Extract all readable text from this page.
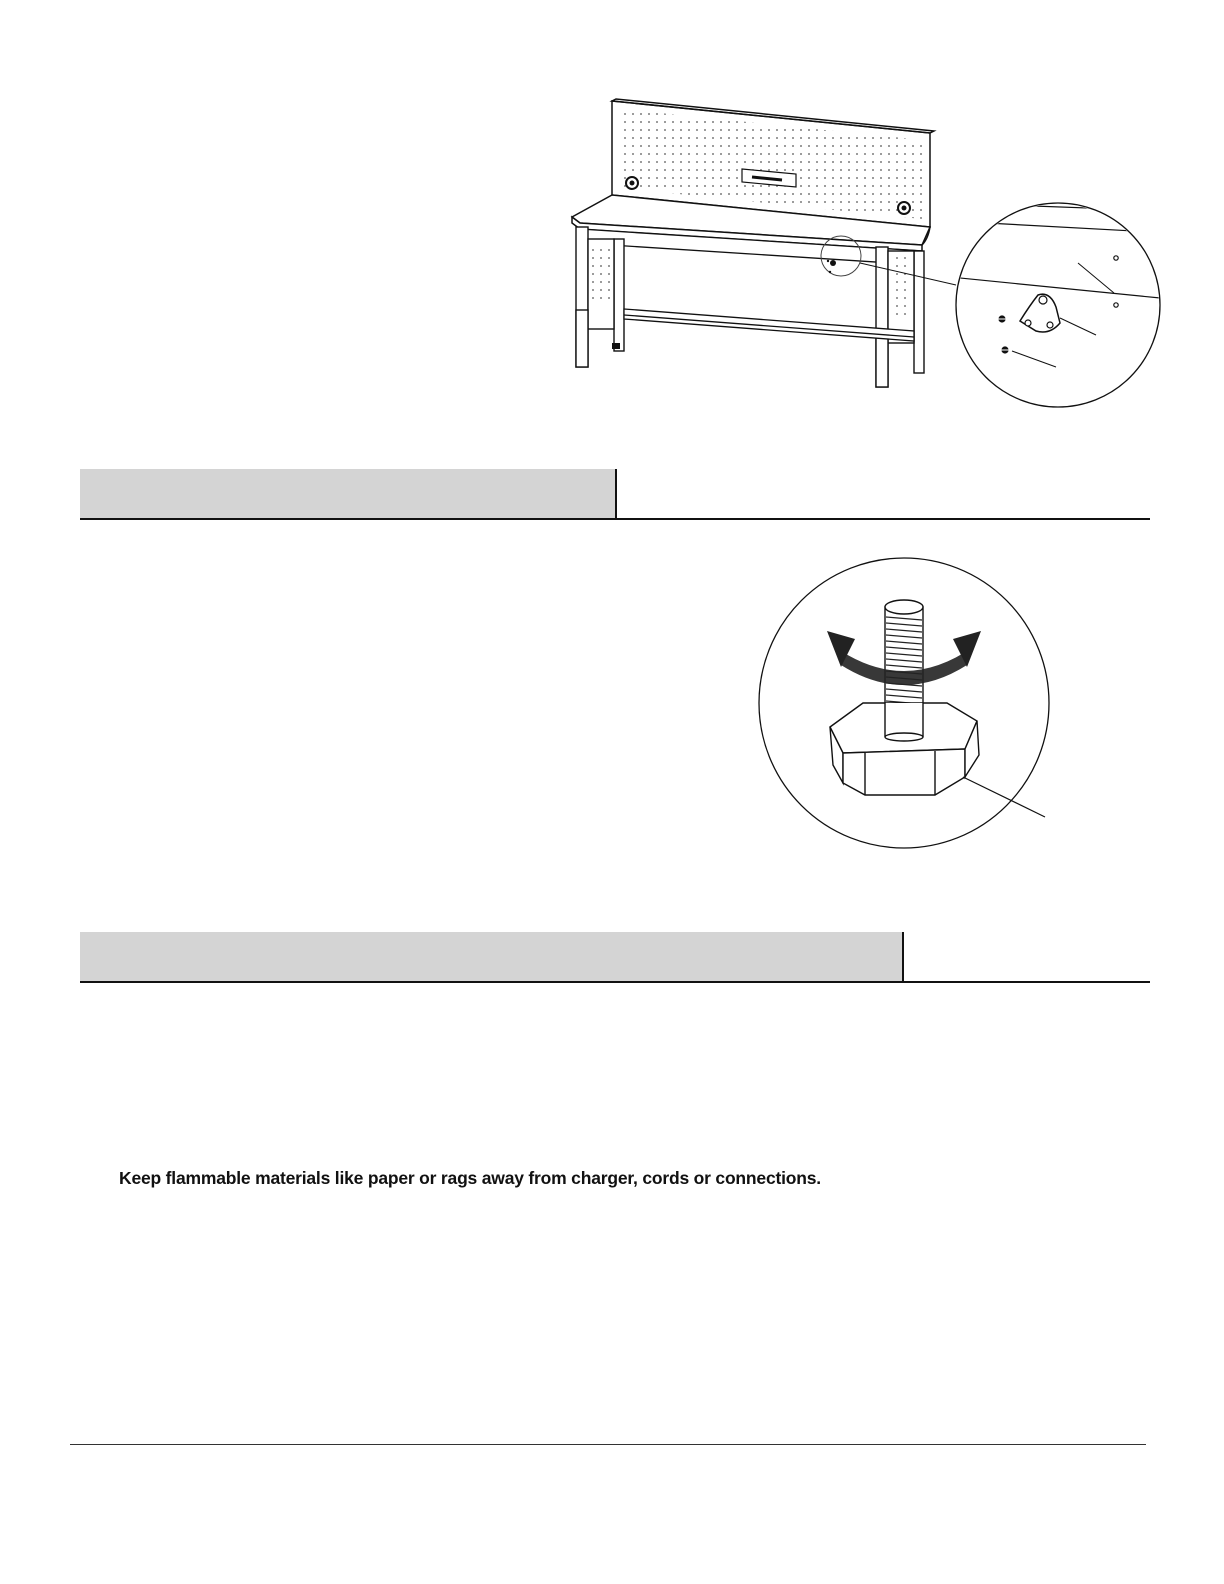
Keep flammable materials like paper or rags away from charger, cords or connections.
